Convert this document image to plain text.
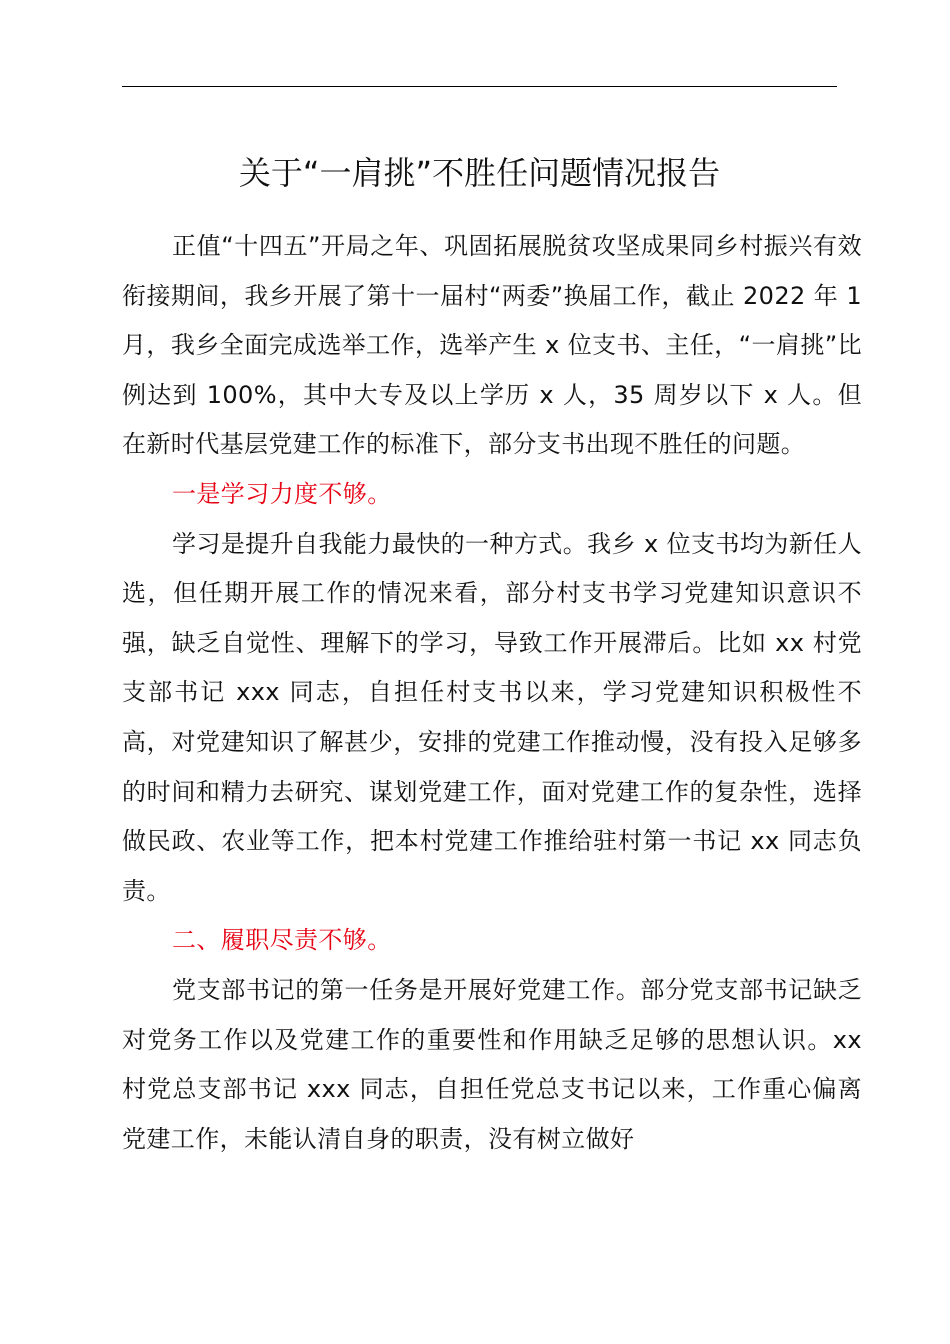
关于“一肩挑”不胜任问题情况报告

正值“十四五”开局之年、巩固拓展脱贫攻坚成果同乡村振兴有效衔接期间，我乡开展了第十一届村“两委”换届工作，截止 2022 年 1 月，我乡全面完成选举工作，选举产生 x 位支书、主任，“一肩挑”比例达到 100%，其中大专及以上学历 x 人，35 周岁以下 x 人。但在新时代基层党建工作的标准下，部分支书出现不胜任的问题。

一是学习力度不够。

学习是提升自我能力最快的一种方式。我乡 x 位支书均为新任人选，但任期开展工作的情况来看，部分村支书学习党建知识意识不强，缺乏自觉性、理解下的学习，导致工作开展滞后。比如 xx 村党支部书记 xxx 同志，自担任村支书以来，学习党建知识积极性不高，对党建知识了解甚少，安排的党建工作推动慢，没有投入足够多的时间和精力去研究、谋划党建工作，面对党建工作的复杂性，选择做民政、农业等工作，把本村党建工作推给驻村第一书记 xx 同志负责。

二、履职尽责不够。

党支部书记的第一任务是开展好党建工作。部分党支部书记缺乏对党务工作以及党建工作的重要性和作用缺乏足够的思想认识。xx 村党总支部书记 xxx 同志，自担任党总支书记以来，工作重心偏离党建工作，未能认清自身的职责，没有树立做好
